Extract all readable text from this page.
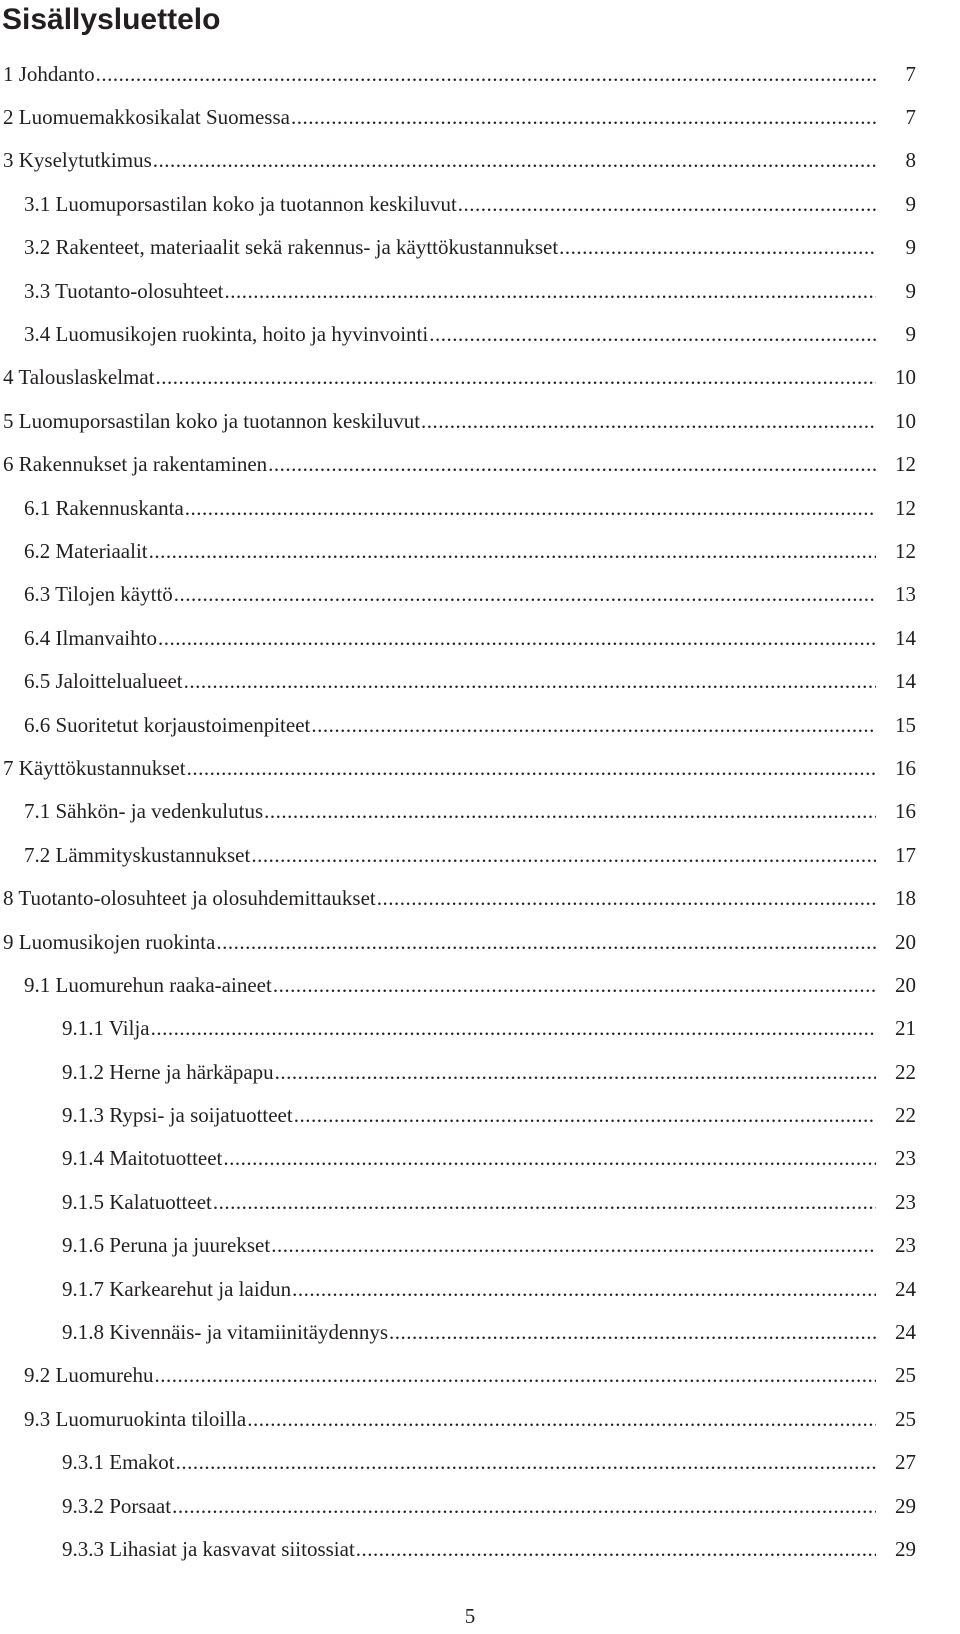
Sisällysluettelo
1 Johdanto .....	7
2 Luomuemakkosikalat Suomessa .....	7
3 Kyselytutkimus .....	8
3.1 Luomuporsastilan koko ja tuotannon keskiluvut .....	9
3.2 Rakenteet, materiaalit sekä rakennus- ja käyttökustannukset .....	9
3.3 Tuotanto-olosuhteet .....	9
3.4 Luomusikojen ruokinta, hoito ja hyvinvointi .....	9
4 Talouslaskelmat .....	10
5 Luomuporsastilan koko ja tuotannon keskiluvut .....	10
6 Rakennukset ja rakentaminen .....	12
6.1 Rakennuskanta .....	12
6.2 Materiaalit .....	12
6.3 Tilojen käyttö .....	13
6.4 Ilmanvaihto .....	14
6.5 Jaloittelualueet .....	14
6.6 Suoritetut korjaustoimenpiteet .....	15
7 Käyttökustannukset .....	16
7.1 Sähkön- ja vedenkulutus .....	16
7.2 Lämmityskustannukset .....	17
8 Tuotanto-olosuhteet ja olosuhdemittaukset .....	18
9 Luomusikojen ruokinta .....	20
9.1 Luomurehun raaka-aineet .....	20
9.1.1 Vilja .....	21
9.1.2 Herne ja härkäpapu .....	22
9.1.3 Rypsi- ja soijatuotteet .....	22
9.1.4 Maitotuotteet .....	23
9.1.5 Kalatuotteet .....	23
9.1.6 Peruna ja juurekset .....	23
9.1.7 Karkearehut ja laidun .....	24
9.1.8 Kivennäis- ja vitamiinitäydennys .....	24
9.2 Luomurehu .....	25
9.3 Luomuruokinta tiloilla .....	25
9.3.1 Emakot .....	27
9.3.2 Porsaat .....	29
9.3.3 Lihasiat ja kasvavat siitossiat .....	29
5
